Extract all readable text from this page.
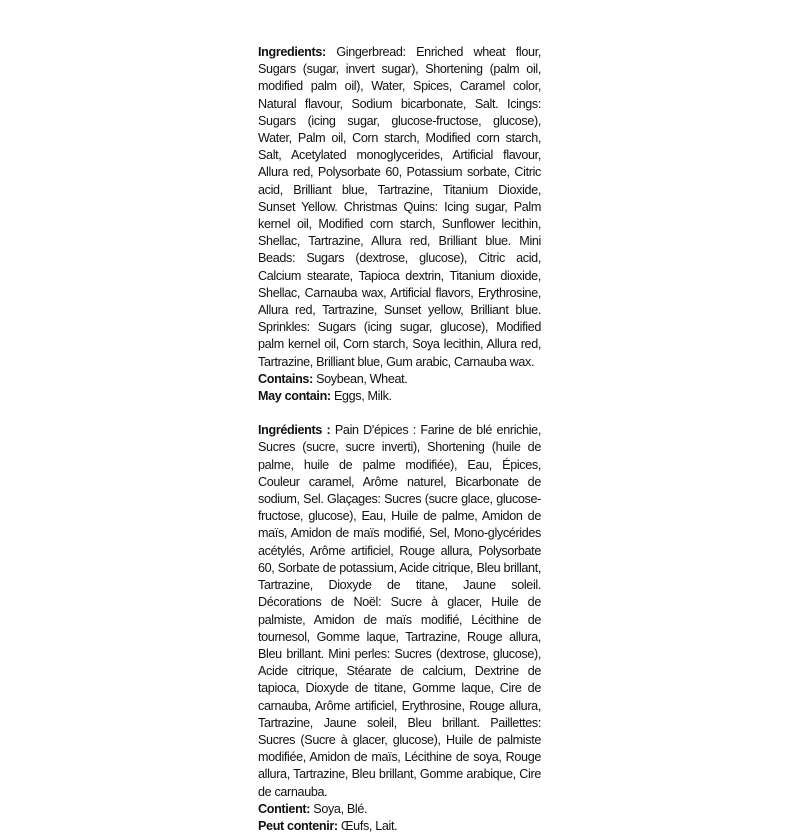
Ingredients: Gingerbread: Enriched wheat flour, Sugars (sugar, invert sugar), Shortening (palm oil, modified palm oil), Water, Spices, Caramel color, Natural flavour, Sodium bicarbonate, Salt. Icings: Sugars (icing sugar, glucose-fructose, glucose), Water, Palm oil, Corn starch, Modified corn starch, Salt, Acetylated monoglycerides, Artificial flavour, Allura red, Polysorbate 60, Potassium sorbate, Citric acid, Brilliant blue, Tartrazine, Titanium Dioxide, Sunset Yellow. Christmas Quins: Icing sugar, Palm kernel oil, Modified corn starch, Sunflower lecithin, Shellac, Tartrazine, Allura red, Brilliant blue. Mini Beads: Sugars (dextrose, glucose), Citric acid, Calcium stearate, Tapioca dextrin, Titanium dioxide, Shellac, Carnauba wax, Artificial flavors, Erythrosine, Allura red, Tartrazine, Sunset yellow, Brilliant blue. Sprinkles: Sugars (icing sugar, glucose), Modified palm kernel oil, Corn starch, Soya lecithin, Allura red, Tartrazine, Brilliant blue, Gum arabic, Carnauba wax.

Contains: Soybean, Wheat.

May contain: Eggs, Milk.

Ingrédients : Pain D'épices : Farine de blé enrichie, Sucres (sucre, sucre inverti), Shortening (huile de palme, huile de palme modifiée), Eau, Épices, Couleur caramel, Arôme naturel, Bicarbonate de sodium, Sel. Glaçages: Sucres (sucre glace, glucose-fructose, glucose), Eau, Huile de palme, Amidon de maïs, Amidon de maïs modifié, Sel, Mono-glycérides acétylés, Arôme artificiel, Rouge allura, Polysorbate 60, Sorbate de potassium, Acide citrique, Bleu brillant, Tartrazine, Dioxyde de titane, Jaune soleil. Décorations de Noël: Sucre à glacer, Huile de palmiste, Amidon de maïs modifié, Lécithine de tournesol, Gomme laque, Tartrazine, Rouge allura, Bleu brillant. Mini perles: Sucres (dextrose, glucose), Acide citrique, Stéarate de calcium, Dextrine de tapioca, Dioxyde de titane, Gomme laque, Cire de carnauba, Arôme artificiel, Erythrosine, Rouge allura, Tartrazine, Jaune soleil, Bleu brillant. Paillettes: Sucres (Sucre à glacer, glucose), Huile de palmiste modifiée, Amidon de maïs, Lécithine de soya, Rouge allura, Tartrazine, Bleu brillant, Gomme arabique, Cire de carnauba.

Contient: Soya, Blé.

Peut contenir: Œufs, Lait.
